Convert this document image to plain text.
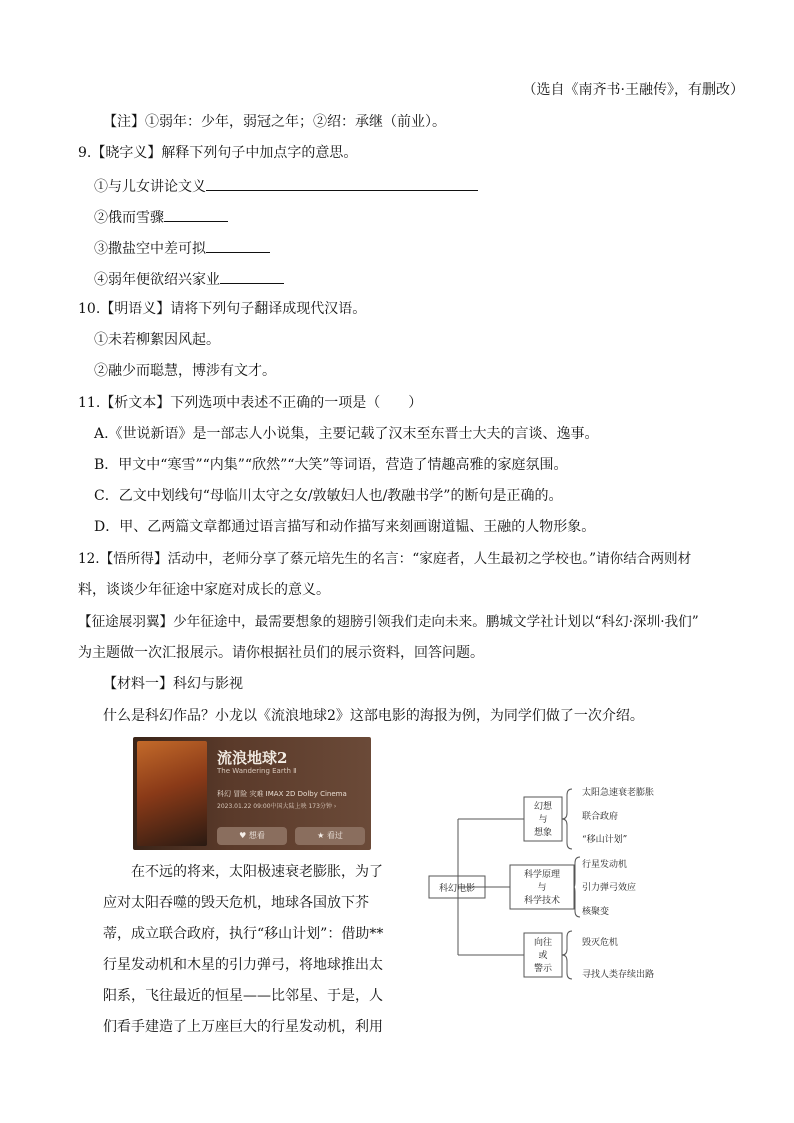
（选自《南齐书·王融传》，有删改）
【注】①弱年：少年，弱冠之年；②绍：承继（前业）。
9.【晓字义】解释下列句子中加点字的意思。
①与儿女讲论文义
②俄而雪骤
③撒盐空中差可拟
④弱年便欲绍兴家业
10.【明语义】请将下列句子翻译成现代汉语。
①未若柳絮因风起。
②融少而聪慧，博涉有文才。
11.【析文本】下列选项中表述不正确的一项是（　　）
A.《世说新语》是一部志人小说集，主要记载了汉末至东晋士大夫的言谈、逸事。
B．甲文中“寒雪”“内集”“欣然”“大笑”等词语，营造了情趣高雅的家庭氛围。
C．乙文中划线句“母临川太守之女/敦敏妇人也/教融书学”的断句是正确的。
D．甲、乙两篇文章都通过语言描写和动作描写来刻画谢道韫、王融的人物形象。
12.【悟所得】活动中，老师分享了蔡元培先生的名言：“家庭者，人生最初之学校也。”请你结合两则材
料，谈谈少年征途中家庭对成长的意义。
【征途展羽翼】少年征途中，最需要想象的翅膀引领我们走向未来。鹏城文学社计划以“科幻·深圳·我们”
为主题做一次汇报展示。请你根据社员们的展示资料，回答问题。
【材料一】科幻与影视
什么是科幻作品？小龙以《流浪地球2》这部电影的海报为例，为同学们做了一次介绍。
流浪地球2
The Wandering Earth Ⅱ
科幻 冒险 灾难 IMAX 2D Dolby Cinema
2023.01.22 09:00中国大陆上映 173分钟 ›
♥ 想看	★ 看过
　　在不远的将来，太阳极速衰老膨胀，为了
应对太阳吞噬的毁天危机，地球各国放下芥
蒂，成立联合政府，执行“移山计划”：借助**
行星发动机和木星的引力弹弓，将地球推出太
阳系，飞往最近的恒星——比邻星、于是，人
们看手建造了上万座巨大的行星发动机，利用
科幻电影
幻想
与
想象
科学原理
与
科学技术
向往
或
警示
太阳急速衰老膨胀
联合政府
“移山计划”
行星发动机
引力弹弓效应
核聚变
毁灭危机
寻找人类存续出路
